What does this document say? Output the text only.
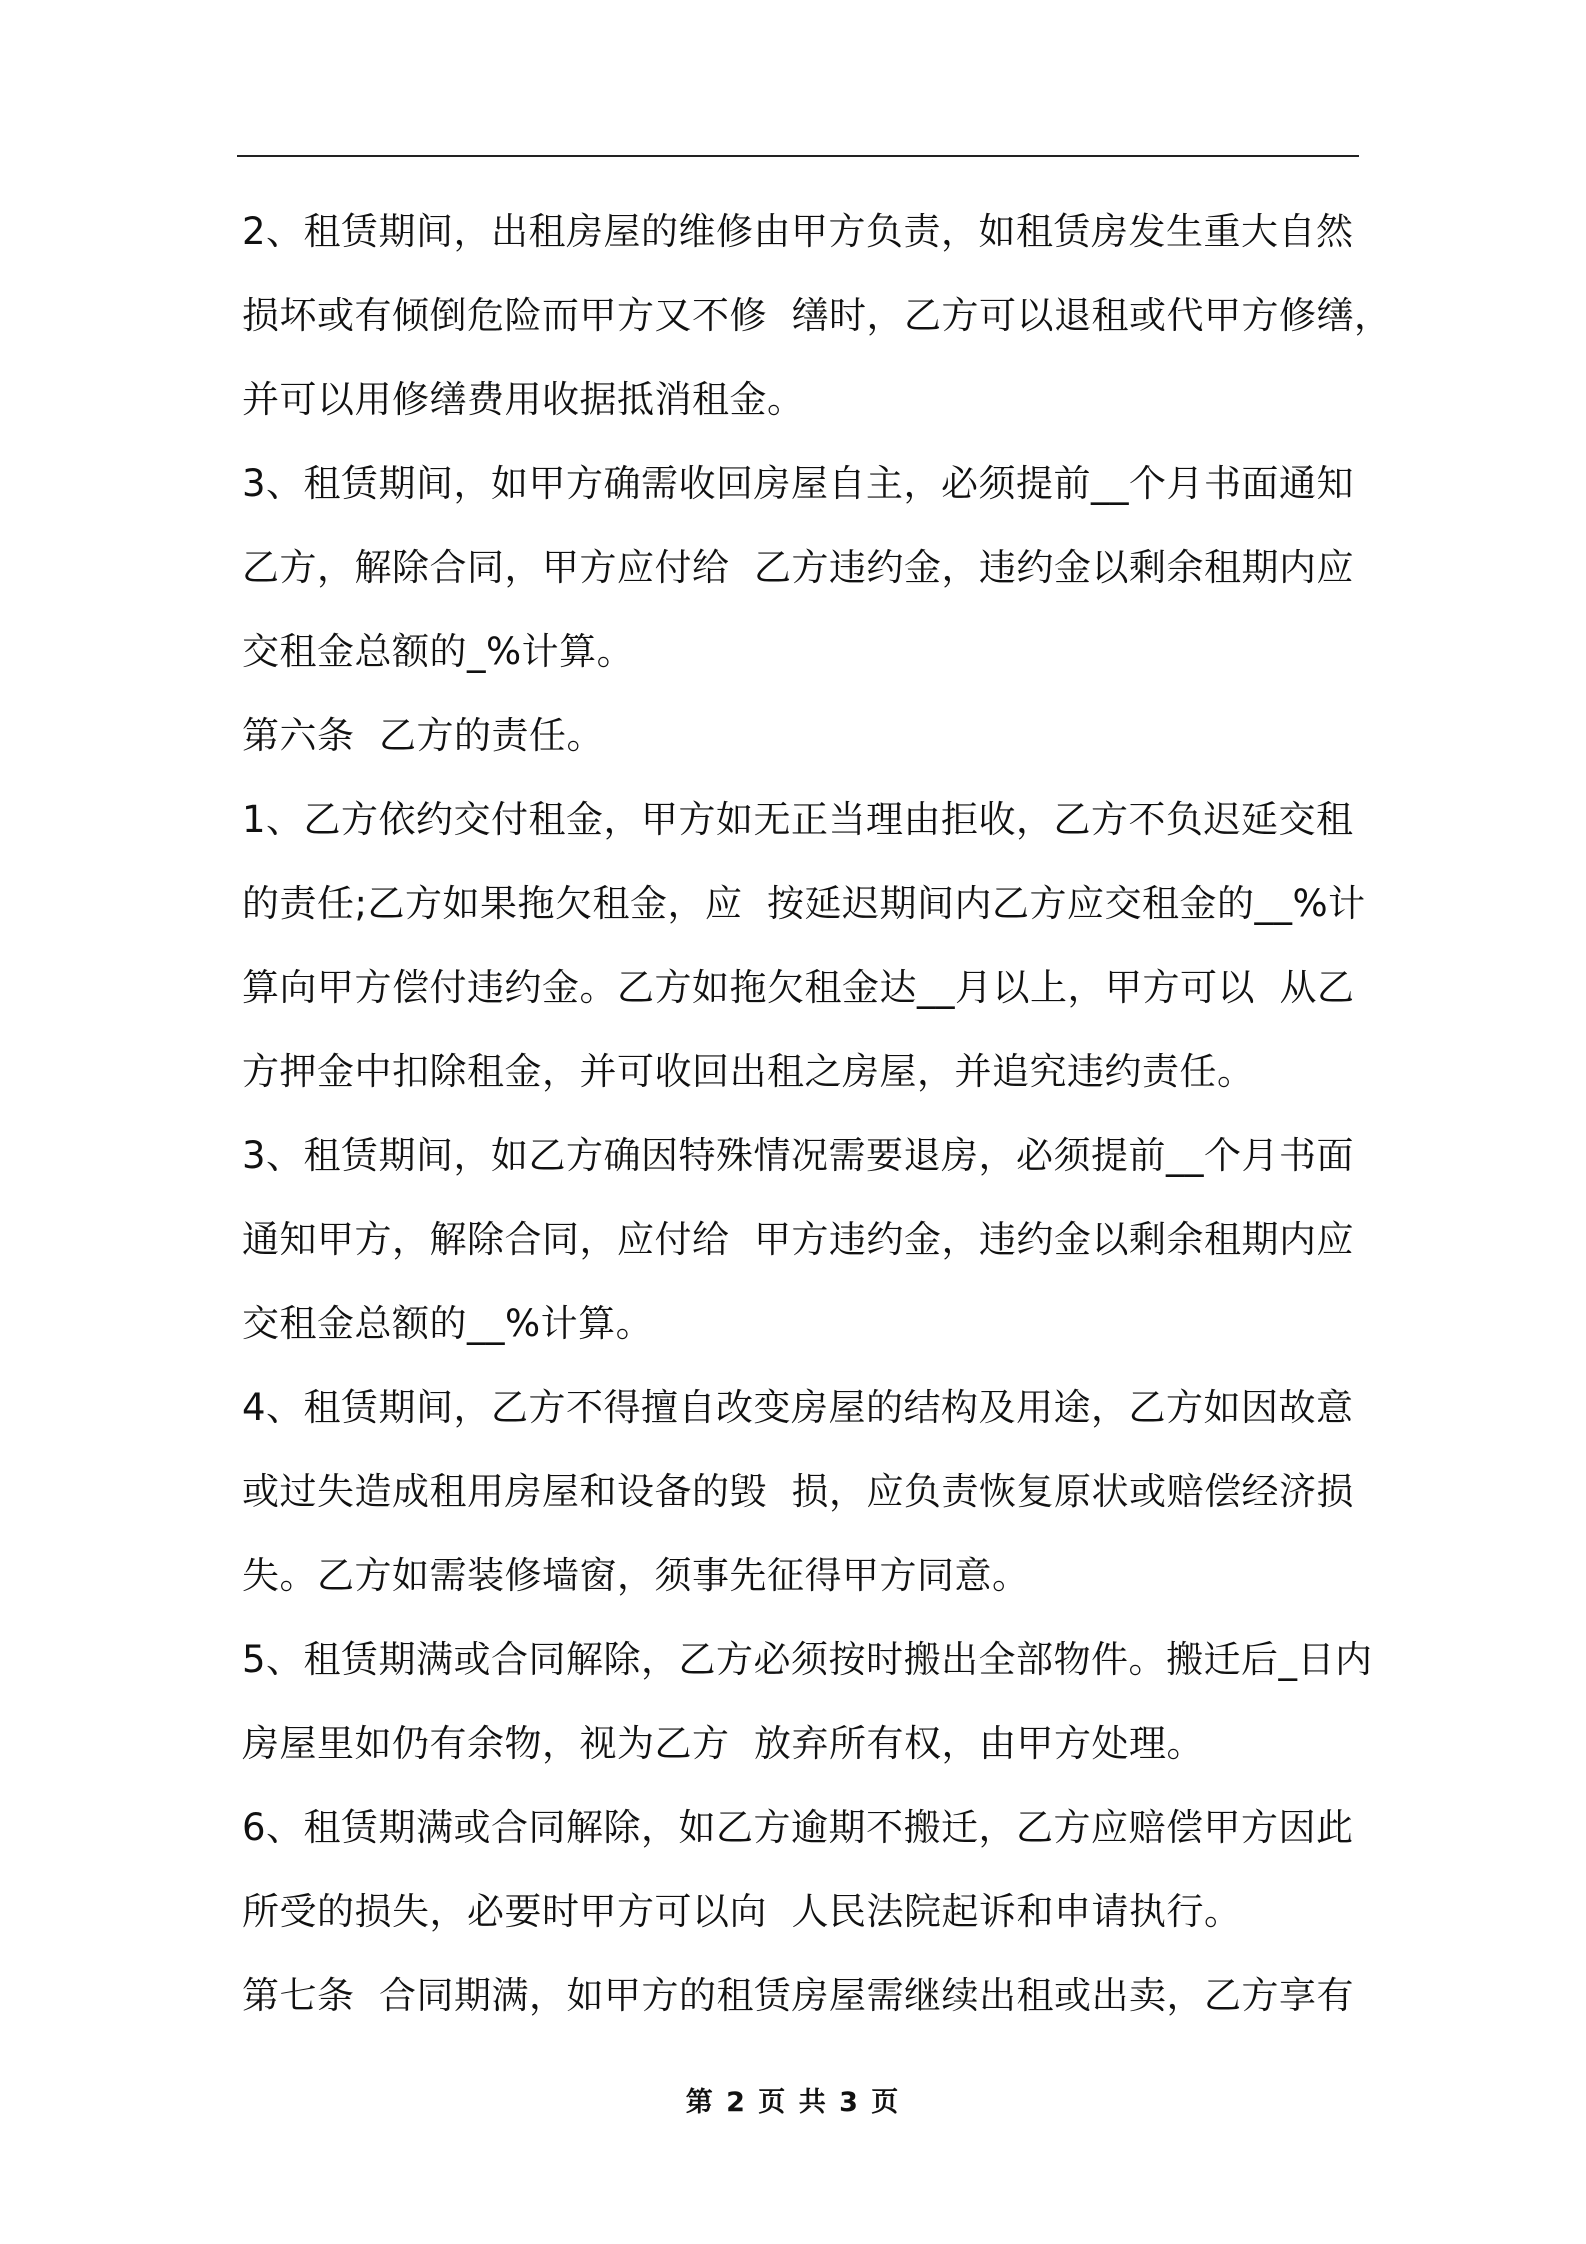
2、租赁期间，出租房屋的维修由甲方负责，如租赁房发生重大自然
损坏或有倾倒危险而甲方又不修  缮时，乙方可以退租或代甲方修缮，
并可以用修缮费用收据抵消租金。
3、租赁期间，如甲方确需收回房屋自主，必须提前__个月书面通知
乙方，解除合同，甲方应付给  乙方违约金，违约金以剩余租期内应
交租金总额的_%计算。
第六条  乙方的责任。
1、乙方依约交付租金，甲方如无正当理由拒收，乙方不负迟延交租
的责任;乙方如果拖欠租金，应  按延迟期间内乙方应交租金的__%计
算向甲方偿付违约金。乙方如拖欠租金达__月以上，甲方可以  从乙
方押金中扣除租金，并可收回出租之房屋，并追究违约责任。
3、租赁期间，如乙方确因特殊情况需要退房，必须提前__个月书面
通知甲方，解除合同，应付给  甲方违约金，违约金以剩余租期内应
交租金总额的__%计算。
4、租赁期间，乙方不得擅自改变房屋的结构及用途，乙方如因故意
或过失造成租用房屋和设备的毁  损，应负责恢复原状或赔偿经济损
失。乙方如需装修墙窗，须事先征得甲方同意。
5、租赁期满或合同解除，乙方必须按时搬出全部物件。搬迁后_日内
房屋里如仍有余物，视为乙方  放弃所有权，由甲方处理。
6、租赁期满或合同解除，如乙方逾期不搬迁，乙方应赔偿甲方因此
所受的损失，必要时甲方可以向  人民法院起诉和申请执行。
第七条  合同期满，如甲方的租赁房屋需继续出租或出卖，乙方享有
第 2 页 共 3 页
